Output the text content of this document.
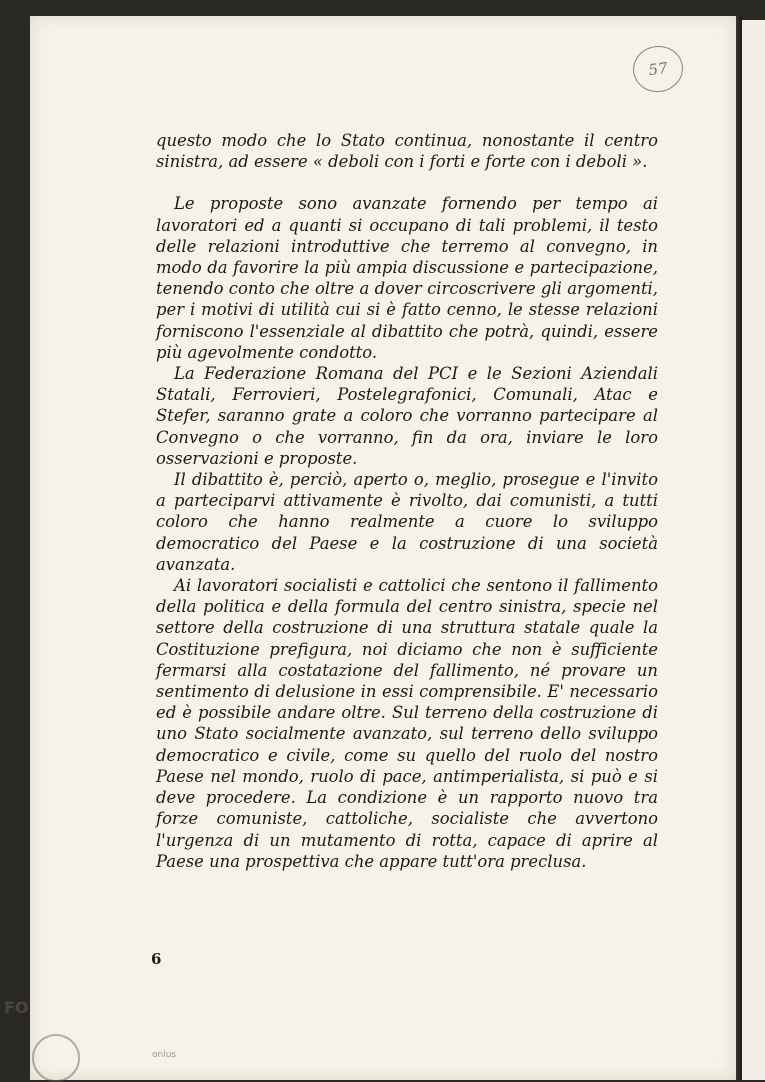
57

questo modo che lo Stato continua, nonostante il centro sinistra, ad essere « deboli con i forti e forte con i deboli ».

Le proposte sono avanzate fornendo per tempo ai lavoratori ed a quanti si occupano di tali problemi, il testo delle relazioni introduttive che terremo al convegno, in modo da favorire la più ampia discussione e partecipazione, tenendo conto che oltre a dover circoscrivere gli argomenti, per i motivi di utilità cui si è fatto cenno, le stesse relazioni forniscono l'essenziale al dibattito che potrà, quindi, essere più agevolmente condotto.

La Federazione Romana del PCI e le Sezioni Aziendali Statali, Ferrovieri, Postelegrafonici, Comunali, Atac e Stefer, saranno grate a coloro che vorranno partecipare al Convegno o che vorranno, fin da ora, inviare le loro osservazioni e proposte.

Il dibattito è, perciò, aperto o, meglio, prosegue e l'invito a parteciparvi attivamente è rivolto, dai comunisti, a tutti coloro che hanno realmente a cuore lo sviluppo democratico del Paese e la costruzione di una società avanzata.

Ai lavoratori socialisti e cattolici che sentono il fallimento della politica e della formula del centro sinistra, specie nel settore della costruzione di una struttura statale quale la Costituzione prefigura, noi diciamo che non è sufficiente fermarsi alla costatazione del fallimento, né provare un sentimento di delusione in essi comprensibile. E' necessario ed è possibile andare oltre. Sul terreno della costruzione di uno Stato socialmente avanzato, sul terreno dello sviluppo democratico e civile, come su quello del ruolo del nostro Paese nel mondo, ruolo di pace, antimperialista, si può e si deve procedere. La condizione è un rapporto nuovo tra forze comuniste, cattoliche, socialiste che avvertono l'urgenza di un mutamento di rotta, capace di aprire al Paese una prospettiva che appare tutt'ora preclusa.

6
FO
onlus
